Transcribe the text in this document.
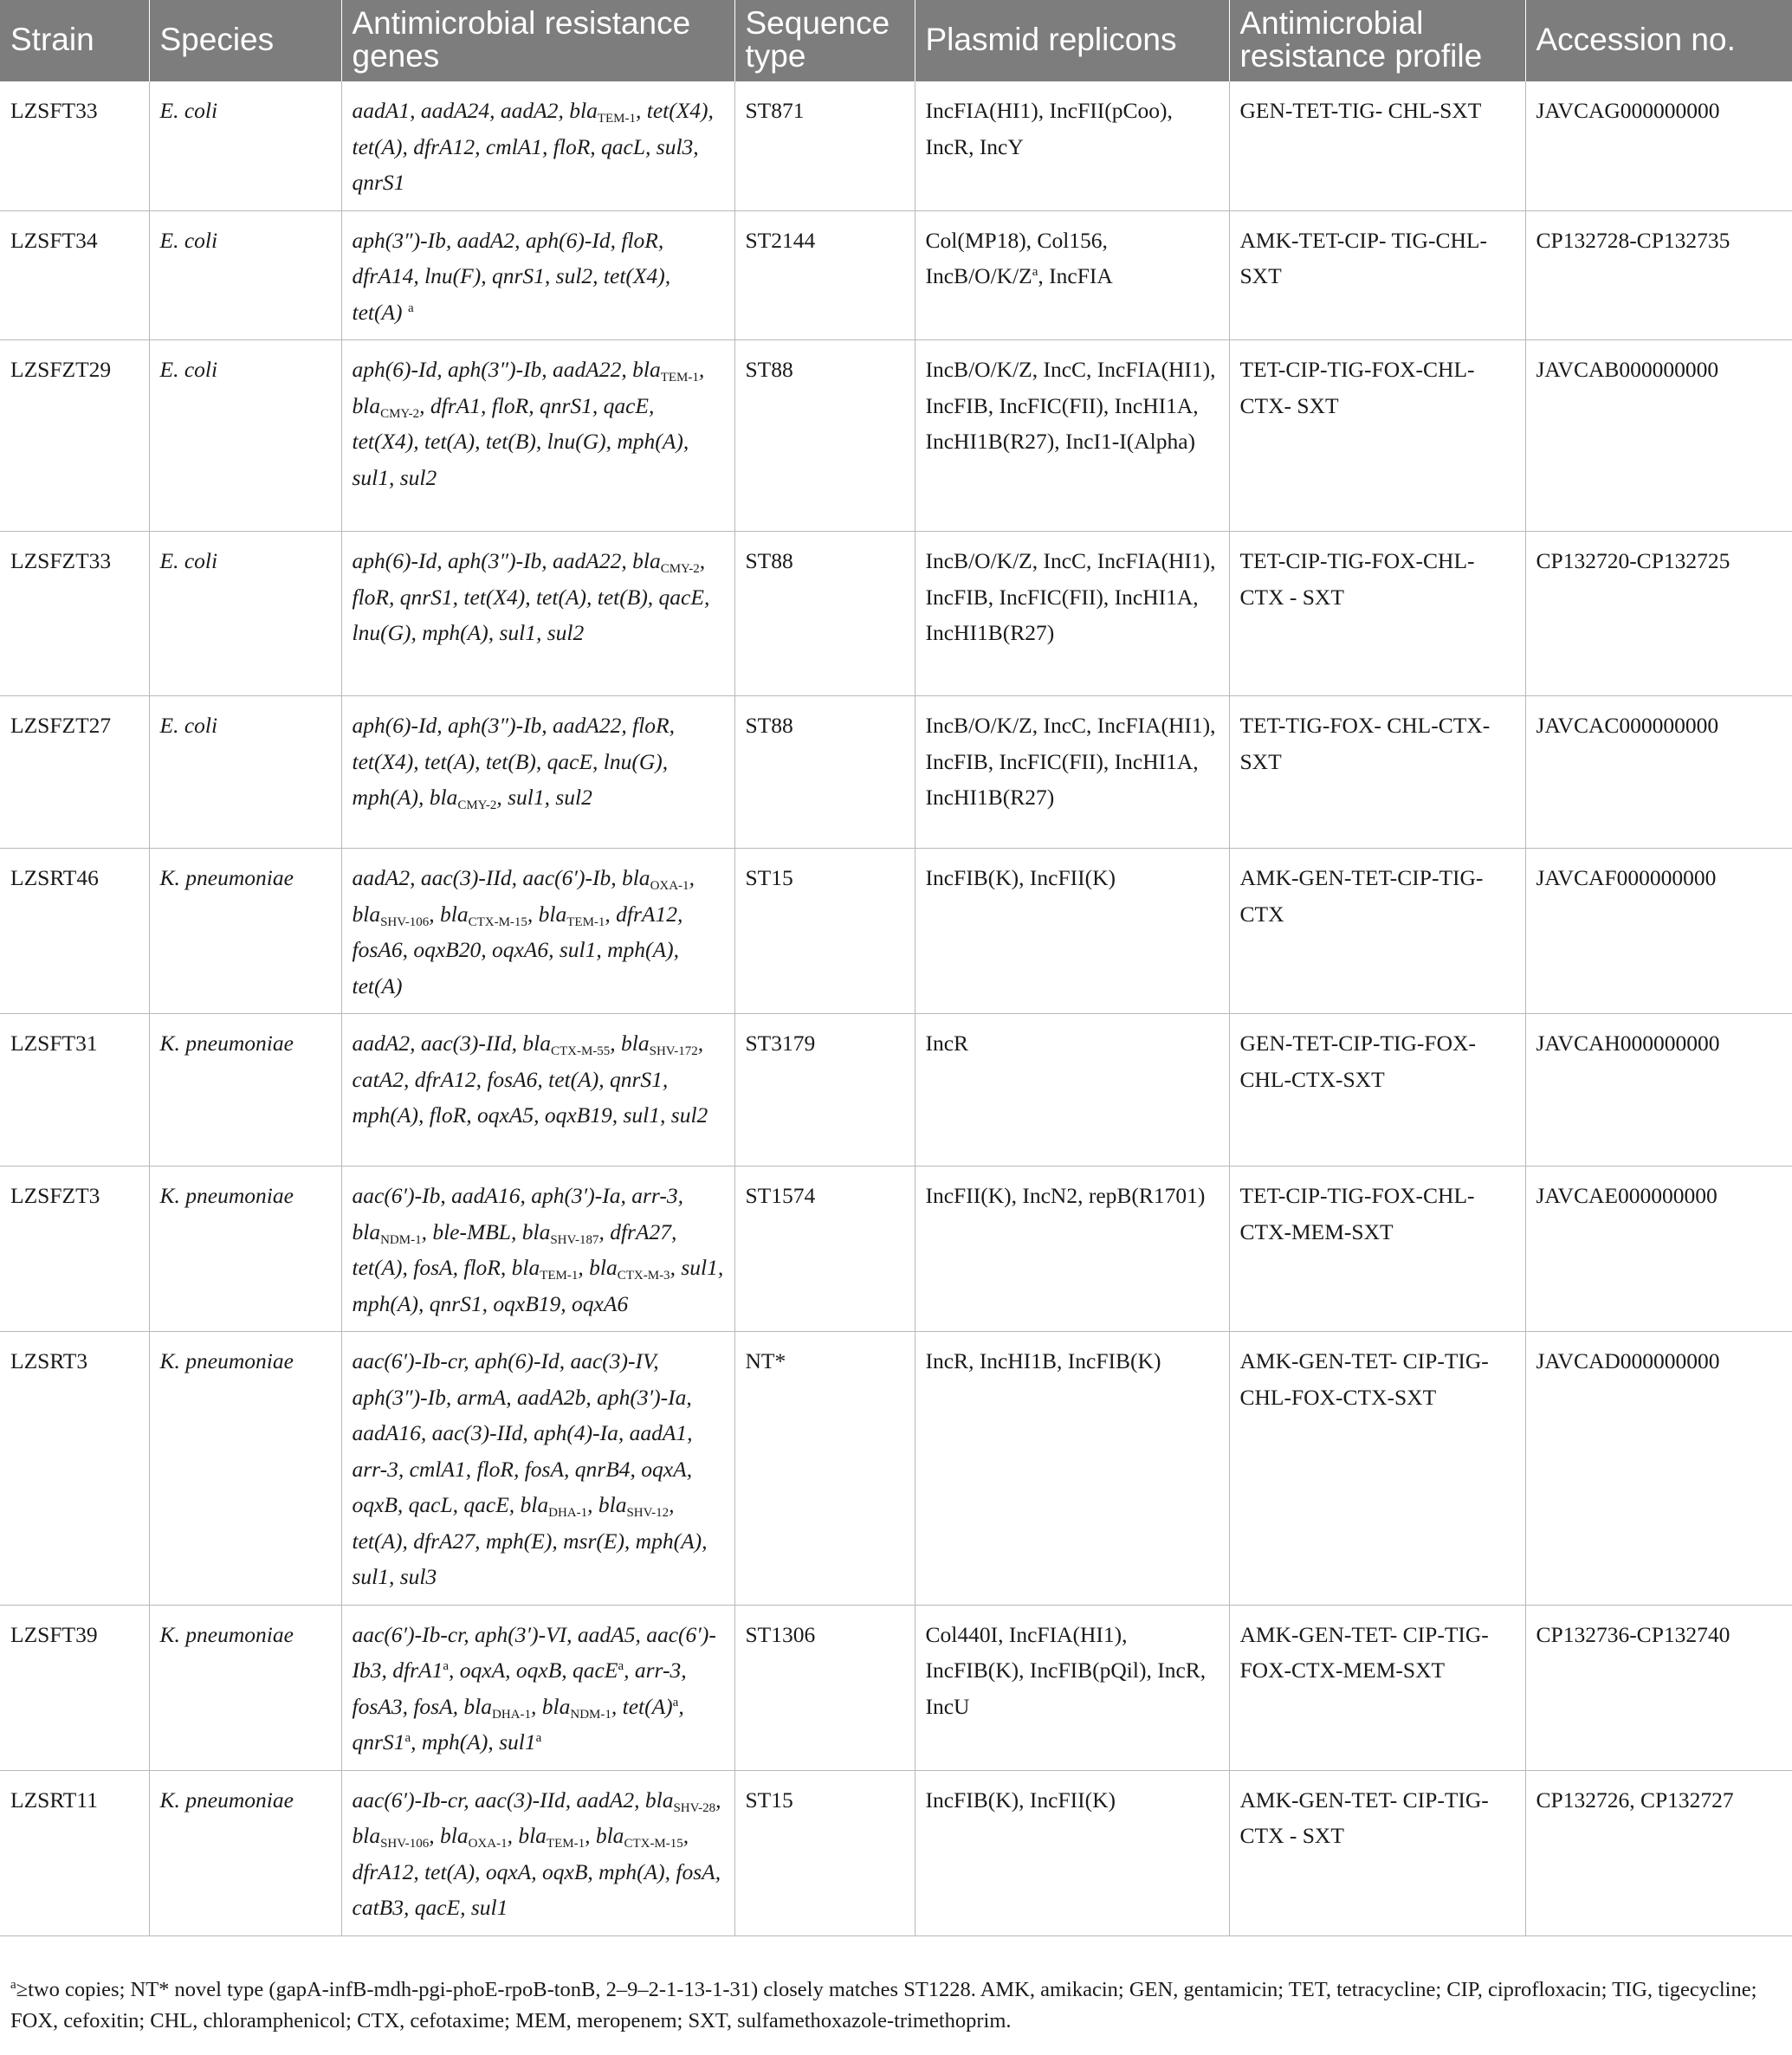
Strain	Species	Antimicrobial resistance genes	Sequence type	Plasmid replicons	Antimicrobial resistance profile	Accession no.
LZSFT33	E. coli	aadA1, aadA24, aadA2, bla$_{TEM-1}$, tet(X4), tet(A), dfrA12, cmlA1, floR, qacL, sul3, qnrS1	ST871	IncFIA(HI1), IncFII(pCoo), IncR, IncY	GEN-TET-TIG- CHL-SXT	JAVCAG000000000
LZSFT34	E. coli	aph(3″)-Ib, aadA2, aph(6)-Id, floR, dfrA14, lnu(F), qnrS1, sul2, tet(X4), tet(A) $^a$	ST2144	Col(MP18), Col156, IncB/$O/K/Z^a$, IncFIA	AMK-TET-CIP- TIG-CHL-SXT	CP132728-CP132735
LZSFZT29	E. coli	aph(6)-Id, aph(3″)-Ib, aadA22, bla$_{TEM-1}$, bla$_{CMY-2}$, dfrA1, floR, qnrS1, qacE, tet(X4), tet(A), tet(B), lnu(G), mph(A), sul1, sul2	ST88	IncB/O/K/Z, IncC, IncFIA(HI1), IncFIB, IncFIC(FII), IncHI1A, IncHI1B(R27), IncI1-I(Alpha)	TET-CIP-TIG-FOX-CHL-CTX- SXT	JAVCAB000000000
LZSFZT33	E. coli	aph(6)-Id, aph(3″)-Ib, aadA22, bla$_{CMY-2}$, floR, qnrS1, tet(X4), tet(A), tet(B), qacE, lnu(G), mph(A), sul1, sul2	ST88	IncB/O/K/Z, IncC, IncFIA(HI1), IncFIB, IncFIC(FII), IncHI1A, IncHI1B(R27)	TET-CIP-TIG-FOX-CHL-CTX - SXT	CP132720-CP132725
LZSFZT27	E. coli	aph(6)-Id, aph(3″)-Ib, aadA22, floR, tet(X4), tet(A), tet(B), qacE, lnu(G), mph(A), bla$_{CMY-2}$, sul1, sul2	ST88	IncB/O/K/Z, IncC, IncFIA(HI1), IncFIB, IncFIC(FII), IncHI1A, IncHI1B(R27)	TET-TIG-FOX- CHL-CTX-SXT	JAVCAC000000000
LZSRT46	K. pneumoniae	aadA2, aac(3)-IId, aac(6′)-Ib, bla$_{OXA-1}$, bla$_{SHV-106}$, bla$_{CTX-M-15}$, bla$_{TEM-1}$, dfrA12, fosA6, oqxB20, oqxA6, sul1, mph(A), tet(A)	ST15	IncFIB(K), IncFII(K)	AMK-GEN-TET-CIP-TIG-CTX	JAVCAF000000000
LZSFT31	K. pneumoniae	aadA2, aac(3)-IId, bla$_{CTX-M-55}$, bla$_{SHV-172}$, catA2, dfrA12, fosA6, tet(A), qnrS1, mph(A), floR, oqxA5, oqxB19, sul1, sul2	ST3179	IncR	GEN-TET-CIP-TIG-FOX-CHL-CTX-SXT	JAVCAH000000000
LZSFZT3	K. pneumoniae	aac(6′)-Ib, aadA16, aph(3′)-Ia, arr-3, bla$_{NDM-1}$, ble-MBL, bla$_{SHV-187}$, dfrA27, tet(A), fosA, floR, bla$_{TEM-1}$, bla$_{CTX-M-3}$, sul1, mph(A), qnrS1, oqxB19, oqxA6	ST1574	IncFII(K), IncN2, repB(R1701)	TET-CIP-TIG-FOX-CHL-CTX-MEM-SXT	JAVCAE000000000
LZSRT3	K. pneumoniae	aac(6′)-Ib-cr, aph(6)-Id, aac(3)-IV, aph(3″)-Ib, armA, aadA2b, aph(3′)-Ia, aadA16, aac(3)-IId, aph(4)-Ia, aadA1, arr-3, cmlA1, floR, fosA, qnrB4, oqxA, oqxB, qacL, qacE, bla$_{DHA-1}$, bla$_{SHV-12}$, tet(A), dfrA27, mph(E), msr(E), mph(A), sul1, sul3	NT*	IncR, IncHI1B, IncFIB(K)	AMK-GEN-TET- CIP-TIG-CHL-FOX-CTX-SXT	JAVCAD000000000
LZSFT39	K. pneumoniae	aac(6′)-Ib-cr, aph(3′)-VI, aadA5, aac(6′)-Ib3, dfrA1$^a$, oqxA, oqxB, qacE$^a$, arr-3, fosA3, fosA, bla$_{DHA-1}$, bla$_{NDM-1}$, $tet(A)^a$, qnrS1$^a$, mph(A), sul1$^a$	ST1306	Col440I, IncFIA(HI1), IncFIB(K), IncFIB(pQil), IncR, IncU	AMK-GEN-TET- CIP-TIG-FOX-CTX-MEM-SXT	CP132736-CP132740
LZSRT11	K. pneumoniae	aac(6′)-Ib-cr, aac(3)-IId, aadA2, bla$_{SHV-28}$, bla$_{SHV-106}$, bla$_{OXA-1}$, bla$_{TEM-1}$, bla$_{CTX-M-15}$, dfrA12, tet(A), oqxA, oqxB, mph(A), fosA, catB3, qacE, sul1	ST15	IncFIB(K), IncFII(K)	AMK-GEN-TET- CIP-TIG-CTX - SXT	CP132726, CP132727
$^a$≥two copies; NT* novel type (gapA-infB-mdh-pgi-phoE-rpoB-tonB, 2–9–2-1-13-1-31) closely matches ST1228. AMK, amikacin; GEN, gentamicin; TET, tetracycline; CIP, ciprofloxacin; TIG, tigecycline; FOX, cefoxitin; CHL, chloramphenicol; CTX, cefotaxime; MEM, meropenem; SXT, sulfamethoxazole-trimethoprim.
